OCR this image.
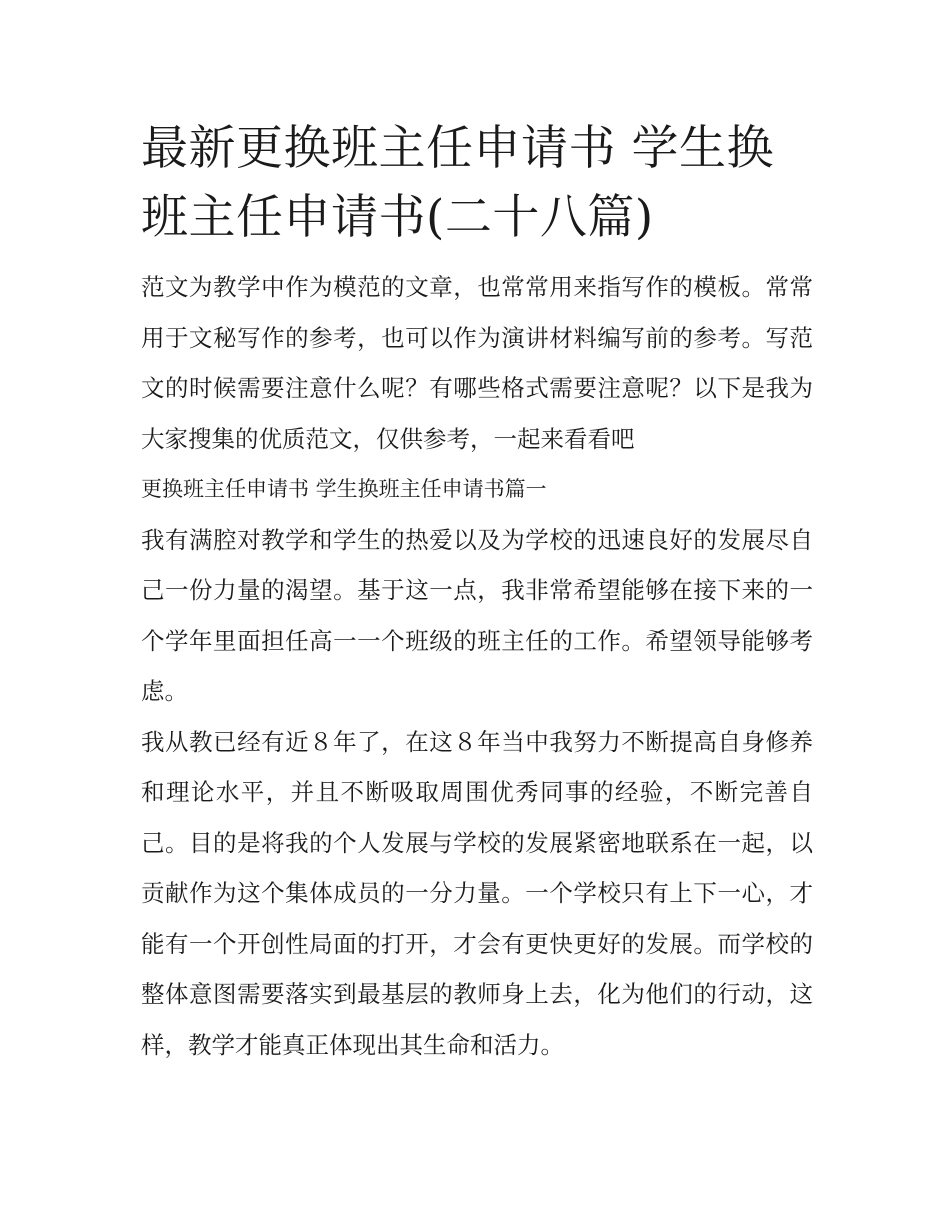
最新更换班主任申请书 学生换班主任申请书(二十八篇)

范文为教学中作为模范的文章，也常常用来指写作的模板。常常用于文秘写作的参考，也可以作为演讲材料编写前的参考。写范文的时候需要注意什么呢？有哪些格式需要注意呢？以下是我为大家搜集的优质范文，仅供参考，一起来看看吧

更换班主任申请书 学生换班主任申请书篇一

我有满腔对教学和学生的热爱以及为学校的迅速良好的发展尽自己一份力量的渴望。基于这一点，我非常希望能够在接下来的一个学年里面担任高一一个班级的班主任的工作。希望领导能够考虑。

我从教已经有近８年了，在这８年当中我努力不断提高自身修养和理论水平，并且不断吸取周围优秀同事的经验，不断完善自己。目的是将我的个人发展与学校的发展紧密地联系在一起，以贡献作为这个集体成员的一分力量。一个学校只有上下一心，才能有一个开创性局面的打开，才会有更快更好的发展。而学校的整体意图需要落实到最基层的教师身上去，化为他们的行动，这样，教学才能真正体现出其生命和活力。
